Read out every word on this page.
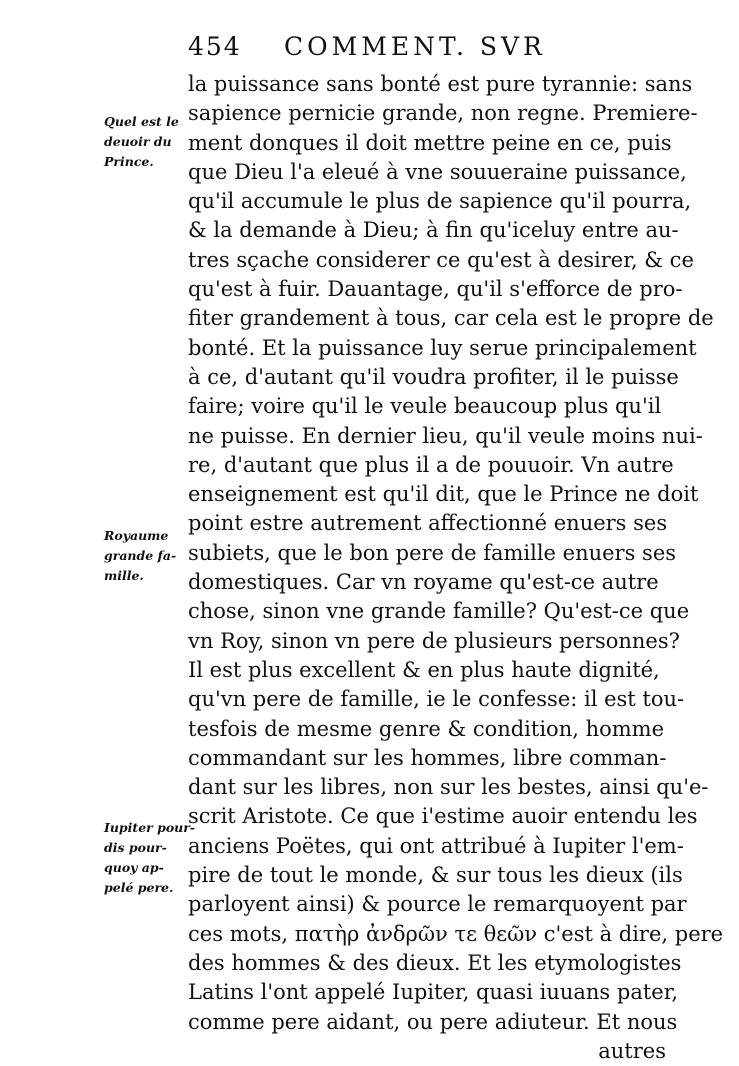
454 COMMENT. SVR
Quel est le
deuoir du
Prince.
Royaume
grande fa-
mille.
Iupiter pour-
dis pour-
quoy ap-
pelé pere.
la puissance sans bonté est pure tyrannie: sans
sapience pernicie grande, non regne. Premiere-
ment donques il doit mettre peine en ce, puis
que Dieu l'a eleué à vne souueraine puissance,
qu'il accumule le plus de sapience qu'il pourra,
& la demande à Dieu; à fin qu'iceluy entre au-
tres sçache considerer ce qu'est à desirer, & ce
qu'est à fuir. Dauantage, qu'il s'efforce de pro-
fiter grandement à tous, car cela est le propre de
bonté. Et la puissance luy serue principalement
à ce, d'autant qu'il voudra profiter, il le puisse
faire; voire qu'il le veule beaucoup plus qu'il
ne puisse. En dernier lieu, qu'il veule moins nui-
re, d'autant que plus il a de pouuoir. Vn autre
enseignement est qu'il dit, que le Prince ne doit
point estre autrement affectionné enuers ses
subiets, que le bon pere de famille enuers ses
domestiques. Car vn royame qu'est-ce autre
chose, sinon vne grande famille? Qu'est-ce que
vn Roy, sinon vn pere de plusieurs personnes?
Il est plus excellent & en plus haute dignité,
qu'vn pere de famille, ie le confesse: il est tou-
tesfois de mesme genre & condition, homme
commandant sur les hommes, libre comman-
dant sur les libres, non sur les bestes, ainsi qu'e-
scrit Aristote. Ce que i'estime auoir entendu les
anciens Poëtes, qui ont attribué à Iupiter l'em-
pire de tout le monde, & sur tous les dieux (ils
parloyent ainsi) & pource le remarquoyent par
ces mots, πατὴρ ἀνδρῶν τε θεῶν c'est à dire, pere
des hommes & des dieux. Et les etymologistes
Latins l'ont appelé Iupiter, quasi iuuans pater,
comme pere aidant, ou pere adiuteur. Et nous
autres
